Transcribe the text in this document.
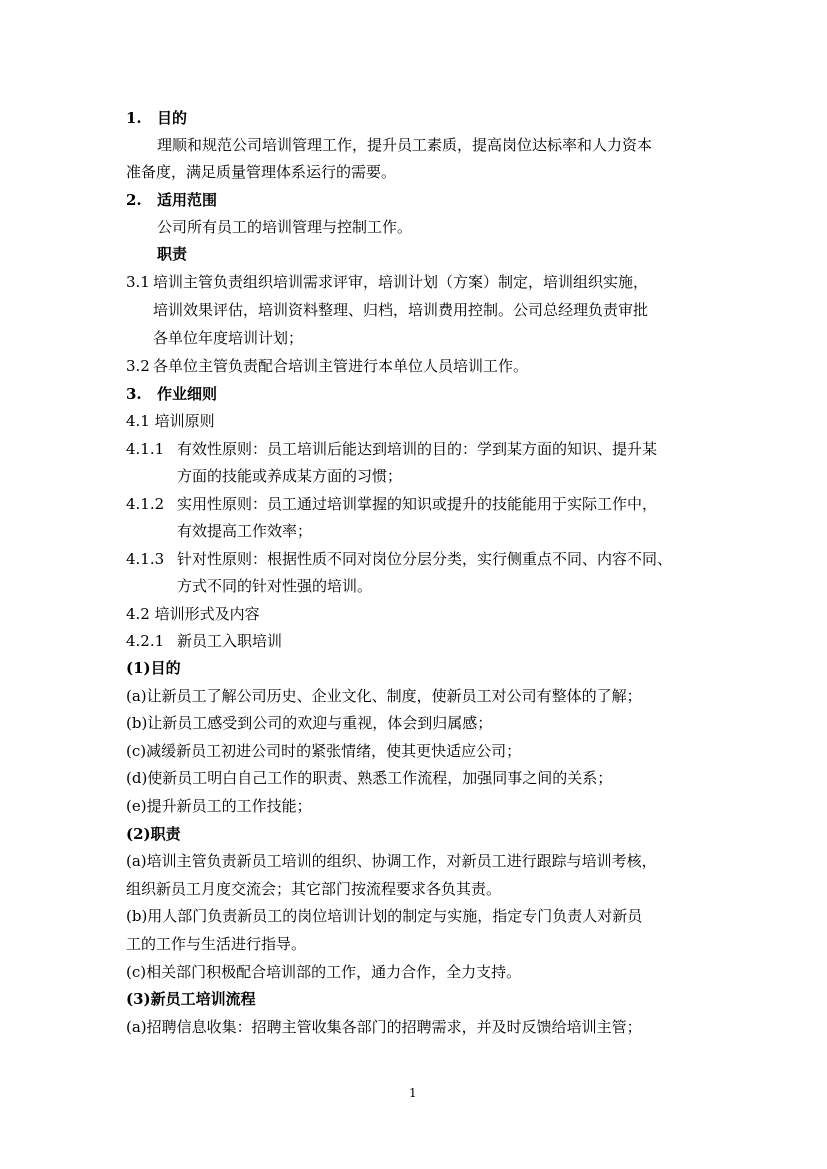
1. 目的
理顺和规范公司培训管理工作，提升员工素质，提高岗位达标率和人力资本
准备度，满足质量管理体系运行的需要。
2. 适用范围
公司所有员工的培训管理与控制工作。
职责
3.1 培训主管负责组织培训需求评审，培训计划（方案）制定，培训组织实施，
培训效果评估，培训资料整理、归档，培训费用控制。公司总经理负责审批
各单位年度培训计划；
3.2 各单位主管负责配合培训主管进行本单位人员培训工作。
3. 作业细则
4.1 培训原则
4.1.1 有效性原则：员工培训后能达到培训的目的：学到某方面的知识、提升某
方面的技能或养成某方面的习惯；
4.1.2 实用性原则：员工通过培训掌握的知识或提升的技能能用于实际工作中，
有效提高工作效率；
4.1.3 针对性原则：根据性质不同对岗位分层分类，实行侧重点不同、内容不同、
方式不同的针对性强的培训。
4.2 培训形式及内容
4.2.1 新员工入职培训
(1)目的
(a)让新员工了解公司历史、企业文化、制度，使新员工对公司有整体的了解；
(b)让新员工感受到公司的欢迎与重视，体会到归属感；
(c)减缓新员工初进公司时的紧张情绪，使其更快适应公司；
(d)使新员工明白自己工作的职责、熟悉工作流程，加强同事之间的关系；
(e)提升新员工的工作技能；
(2)职责
(a)培训主管负责新员工培训的组织、协调工作，对新员工进行跟踪与培训考核，
组织新员工月度交流会；其它部门按流程要求各负其责。
(b)用人部门负责新员工的岗位培训计划的制定与实施，指定专门负责人对新员
工的工作与生活进行指导。
(c)相关部门积极配合培训部的工作，通力合作，全力支持。
(3)新员工培训流程
(a)招聘信息收集：招聘主管收集各部门的招聘需求，并及时反馈给培训主管；
1
